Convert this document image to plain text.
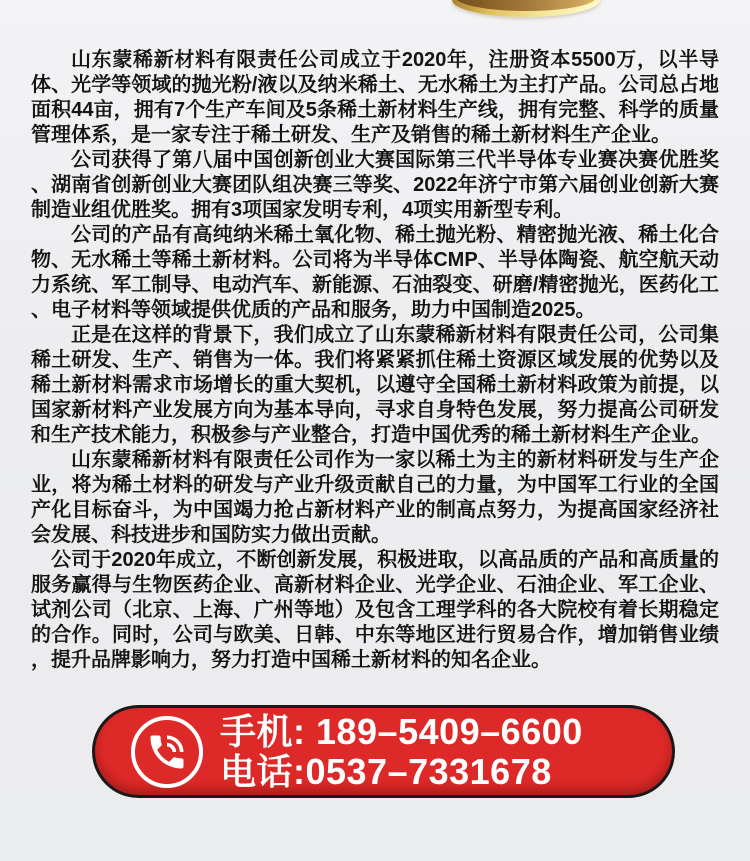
山东蒙稀新材料有限责任公司成立于2020年，注册资本5500万，以半导体、光学等领域的抛光粉/液以及纳米稀土、无水稀土为主打产品。公司总占地面积44亩，拥有7个生产车间及5条稀土新材料生产线，拥有完整、科学的质量管理体系，是一家专注于稀土研发、生产及销售的稀土新材料生产企业。

公司获得了第八届中国创新创业大赛国际第三代半导体专业赛决赛优胜奖、湖南省创新创业大赛团队组决赛三等奖、2022年济宁市第六届创业创新大赛制造业组优胜奖。拥有3项国家发明专利，4项实用新型专利。

公司的产品有高纯纳米稀土氧化物、稀土抛光粉、精密抛光液、稀土化合物、无水稀土等稀土新材料。公司将为半导体CMP、半导体陶瓷、航空航天动力系统、军工制导、电动汽车、新能源、石油裂变、研磨/精密抛光，医药化工、电子材料等领域提供优质的产品和服务，助力中国制造2025。

正是在这样的背景下，我们成立了山东蒙稀新材料有限责任公司，公司集稀土研发、生产、销售为一体。我们将紧紧抓住稀土资源区域发展的优势以及稀土新材料需求市场增长的重大契机，以遵守全国稀土新材料政策为前提，以国家新材料产业发展方向为基本导向，寻求自身特色发展，努力提高公司研发和生产技术能力，积极参与产业整合，打造中国优秀的稀土新材料生产企业。

山东蒙稀新材料有限责任公司作为一家以稀土为主的新材料研发与生产企业，将为稀土材料的研发与产业升级贡献自己的力量，为中国军工行业的全国产化目标奋斗，为中国竭力抢占新材料产业的制高点努力，为提高国家经济社会发展、科技进步和国防实力做出贡献。

公司于2020年成立，不断创新发展，积极进取，以高品质的产品和高质量的服务赢得与生物医药企业、高新材料企业、光学企业、石油企业、军工企业、试剂公司（北京、上海、广州等地）及包含工理学科的各大院校有着长期稳定的合作。同时，公司与欧美、日韩、中东等地区进行贸易合作，增加销售业绩，提升品牌影响力，努力打造中国稀土新材料的知名企业。

手机: 189–5409–6600
电话:0537–7331678
